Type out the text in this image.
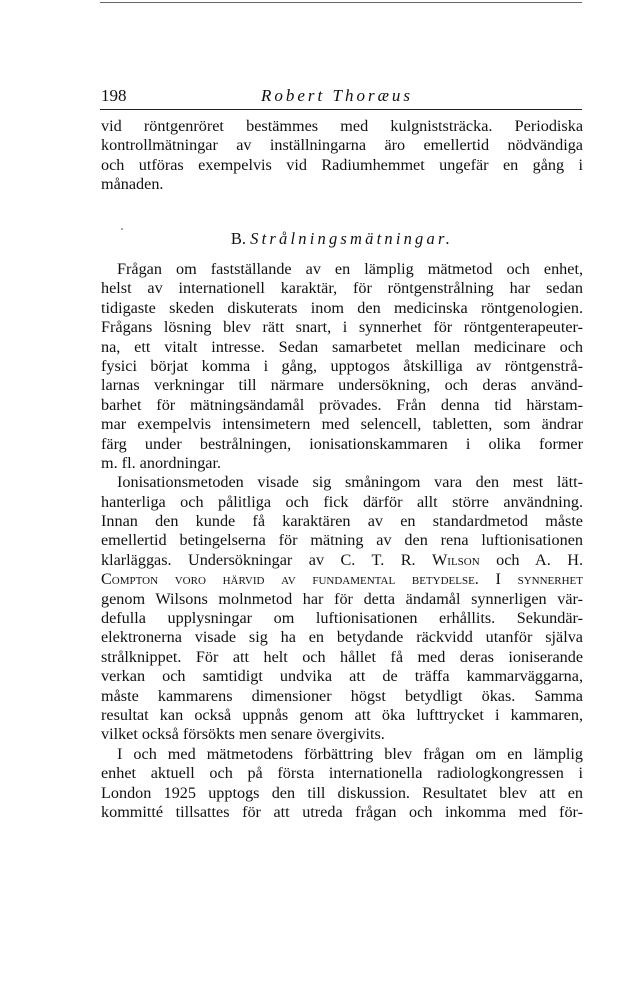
198	Robert Thoræus
vid röntgenröret bestämmes med kulgniststräcka. Periodiska
kontrollmätningar av inställningarna äro emellertid nödvändiga
och utföras exempelvis vid Radiumhemmet ungefär en gång i
månaden.
B. Strålningsmätningar.
Frågan om fastställande av en lämplig mätmetod och enhet,
helst av internationell karaktär, för röntgenstrålning har sedan
tidigaste skeden diskuterats inom den medicinska röntgenologien.
Frågans lösning blev rätt snart, i synnerhet för röntgenterapeuter-
na, ett vitalt intresse. Sedan samarbetet mellan medicinare och
fysici börjat komma i gång, upptogos åtskilliga av röntgenstrå-
larnas verkningar till närmare undersökning, och deras använd-
barhet för mätningsändamål prövades. Från denna tid härstam-
mar exempelvis intensimetern med selencell, tabletten, som ändrar
färg under bestrålningen, ionisationskammaren i olika former
m. fl. anordningar.
Ionisationsmetoden visade sig småningom vara den mest lätt-
hanterliga och pålitliga och fick därför allt större användning.
Innan den kunde få karaktären av en standardmetod måste
emellertid betingelserna för mätning av den rena luftionisationen
klarläggas. Undersökningar av C. T. R. Wilson och A. H.
Compton voro härvid av fundamental betydelse. I synnerhet
genom Wilsons molnmetod har för detta ändamål synnerligen vär-
defulla upplysningar om luftionisationen erhållits. Sekundär-
elektronerna visade sig ha en betydande räckvidd utanför själva
strålknippet. För att helt och hållet få med deras ioniserande
verkan och samtidigt undvika att de träffa kammarväggarna,
måste kammarens dimensioner högst betydligt ökas. Samma
resultat kan också uppnås genom att öka lufttrycket i kammaren,
vilket också försökts men senare övergivits.
I och med mätmetodens förbättring blev frågan om en lämplig
enhet aktuell och på första internationella radiologkongressen i
London 1925 upptogs den till diskussion. Resultatet blev att en
kommitté tillsattes för att utreda frågan och inkomma med för-
